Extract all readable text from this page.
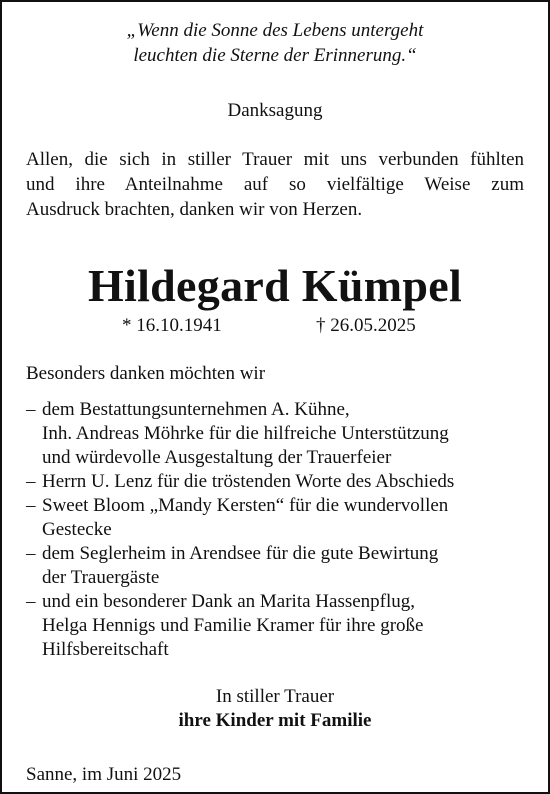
„Wenn die Sonne des Lebens untergeht
leuchten die Sterne der Erinnerung.“
Danksagung
Allen, die sich in stiller Trauer mit uns verbunden fühlten
und ihre Anteilnahme auf so vielfältige Weise zum
Ausdruck brachten, danken wir von Herzen.
Hildegard Kümpel
* 16.10.1941	† 26.05.2025
Besonders danken möchten wir
– dem Bestattungsunternehmen A. Kühne,
Inh. Andreas Möhrke für die hilfreiche Unterstützung
und würdevolle Ausgestaltung der Trauerfeier
– Herrn U. Lenz für die tröstenden Worte des Abschieds
– Sweet Bloom „Mandy Kersten“ für die wundervollen
Gestecke
– dem Seglerheim in Arendsee für die gute Bewirtung
der Trauergäste
– und ein besonderer Dank an Marita Hassenpflug,
Helga Hennigs und Familie Kramer für ihre große
Hilfsbereitschaft
In stiller Trauer
ihre Kinder mit Familie
Sanne, im Juni 2025
